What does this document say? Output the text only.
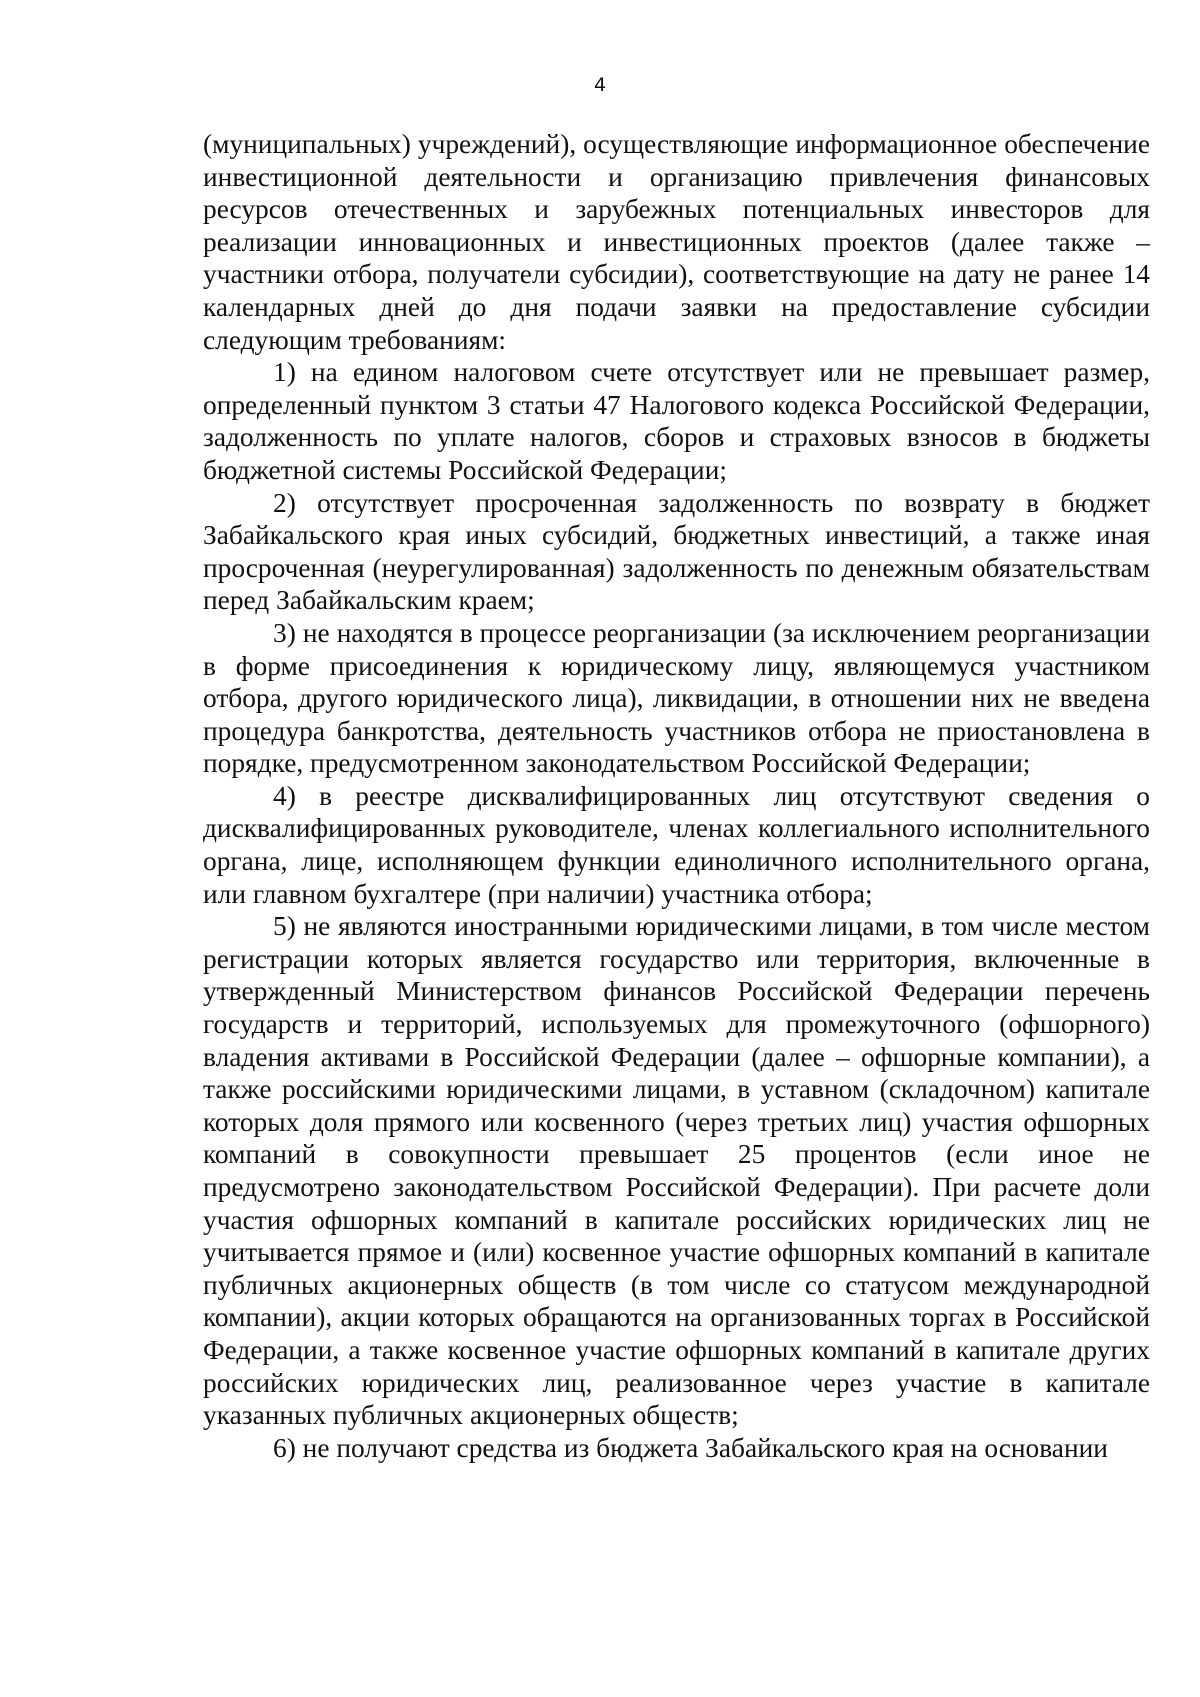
4

(муниципальных) учреждений), осуществляющие информационное обеспечение инвестиционной деятельности и организацию привлечения финансовых ресурсов отечественных и зарубежных потенциальных инвесторов для реализации инновационных и инвестиционных проектов (далее также – участники отбора, получатели субсидии), соответствующие на дату не ранее 14 календарных дней до дня подачи заявки на предоставление субсидии следующим требованиям:

1) на едином налоговом счете отсутствует или не превышает размер, определенный пунктом 3 статьи 47 Налогового кодекса Российской Федерации, задолженность по уплате налогов, сборов и страховых взносов в бюджеты бюджетной системы Российской Федерации;

2) отсутствует просроченная задолженность по возврату в бюджет Забайкальского края иных субсидий, бюджетных инвестиций, а также иная просроченная (неурегулированная) задолженность по денежным обязательствам перед Забайкальским краем;

3) не находятся в процессе реорганизации (за исключением реорганизации в форме присоединения к юридическому лицу, являющемуся участником отбора, другого юридического лица), ликвидации, в отношении них не введена процедура банкротства, деятельность участников отбора не приостановлена в порядке, предусмотренном законодательством Российской Федерации;

4) в реестре дисквалифицированных лиц отсутствуют сведения о дисквалифицированных руководителе, членах коллегиального исполнительного органа, лице, исполняющем функции единоличного исполнительного органа, или главном бухгалтере (при наличии) участника отбора;

5) не являются иностранными юридическими лицами, в том числе местом регистрации которых является государство или территория, включенные в утвержденный Министерством финансов Российской Федерации перечень государств и территорий, используемых для промежуточного (офшорного) владения активами в Российской Федерации (далее – офшорные компании), а также российскими юридическими лицами, в уставном (складочном) капитале которых доля прямого или косвенного (через третьих лиц) участия офшорных компаний в совокупности превышает 25 процентов (если иное не предусмотрено законодательством Российской Федерации). При расчете доли участия офшорных компаний в капитале российских юридических лиц не учитывается прямое и (или) косвенное участие офшорных компаний в капитале публичных акционерных обществ (в том числе со статусом международной компании), акции которых обращаются на организованных торгах в Российской Федерации, а также косвенное участие офшорных компаний в капитале других российских юридических лиц, реализованное через участие в капитале указанных публичных акционерных обществ;

6) не получают средства из бюджета Забайкальского края на основании
